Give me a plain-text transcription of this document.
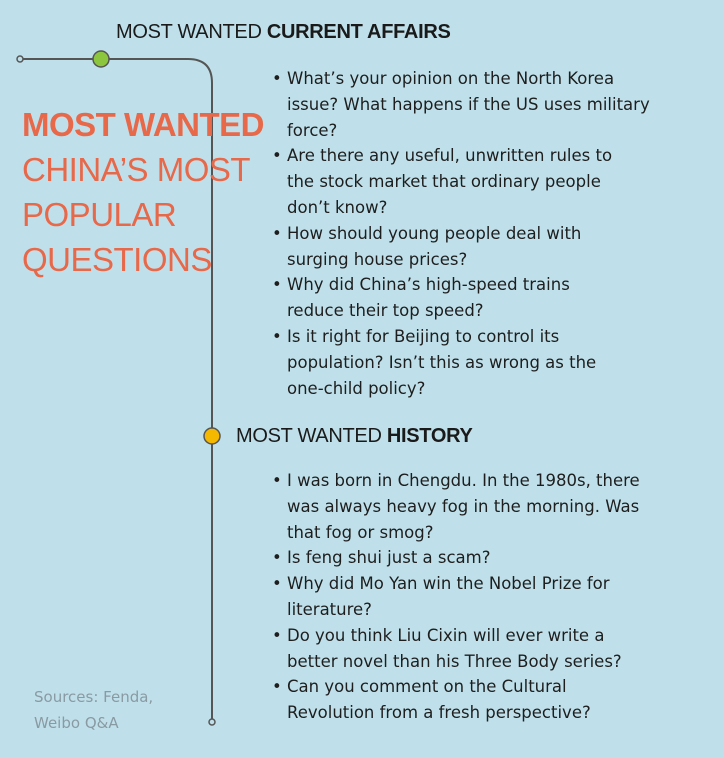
MOST WANTED CURRENT AFFAIRS
MOST WANTED
CHINA’S MOST
POPULAR
QUESTIONS
• What’s your opinion on the North Korea issue? What happens if the US uses military force?
• Are there any useful, unwritten rules to the stock market that ordinary people don’t know?
• How should young people deal with surging house prices?
• Why did China’s high-speed trains reduce their top speed?
• Is it right for Beijing to control its population? Isn’t this as wrong as the one-child policy?
MOST WANTED HISTORY
• I was born in Chengdu. In the 1980s, there was always heavy fog in the morning. Was that fog or smog?
• Is feng shui just a scam?
• Why did Mo Yan win the Nobel Prize for literature?
• Do you think Liu Cixin will ever write a better novel than his Three Body series?
• Can you comment on the Cultural Revolution from a fresh perspective?
Sources: Fenda, Weibo Q&A
